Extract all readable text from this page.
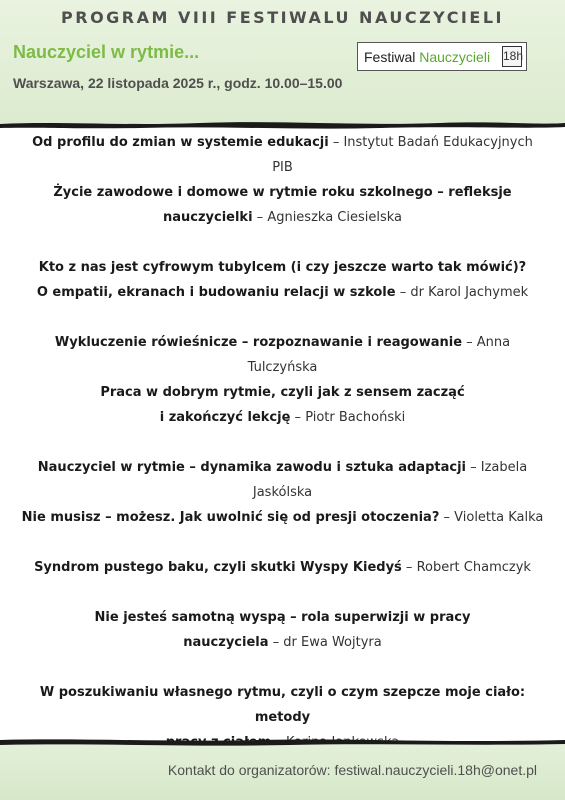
PROGRAM VIII FESTIWALU NAUCZYCIELI
Nauczyciel w rytmie...
Warszawa, 22 listopada 2025 r., godz. 10.00–15.00
Festiwal
Nauczycieli 18h
Od profilu do zmian w systemie edukacji – Instytut Badań Edukacyjnych PIB
Życie zawodowe i domowe w rytmie roku szkolnego – refleksje
nauczycielki – Agnieszka Ciesielska
Kto z nas jest cyfrowym tubylcem (i czy jeszcze warto tak mówić)?
O empatii, ekranach i budowaniu relacji w szkole – dr Karol Jachymek
Wykluczenie rówieśnicze – rozpoznawanie i reagowanie – Anna Tulczyńska
Praca w dobrym rytmie, czyli jak z sensem zacząć
i zakończyć lekcję – Piotr Bachoński
Nauczyciel w rytmie – dynamika zawodu i sztuka adaptacji – Izabela Jaskólska
Nie musisz – możesz. Jak uwolnić się od presji otoczenia? – Violetta Kalka
Syndrom pustego baku, czyli skutki Wyspy Kiedyś – Robert Chamczyk
Nie jesteś samotną wyspą – rola superwizji w pracy
nauczyciela – dr Ewa Wojtyra
W poszukiwaniu własnego rytmu, czyli o czym szepcze moje ciało: metody

Kontakt do organizatorów: festiwal.nauczycieli.18h@onet.pl
